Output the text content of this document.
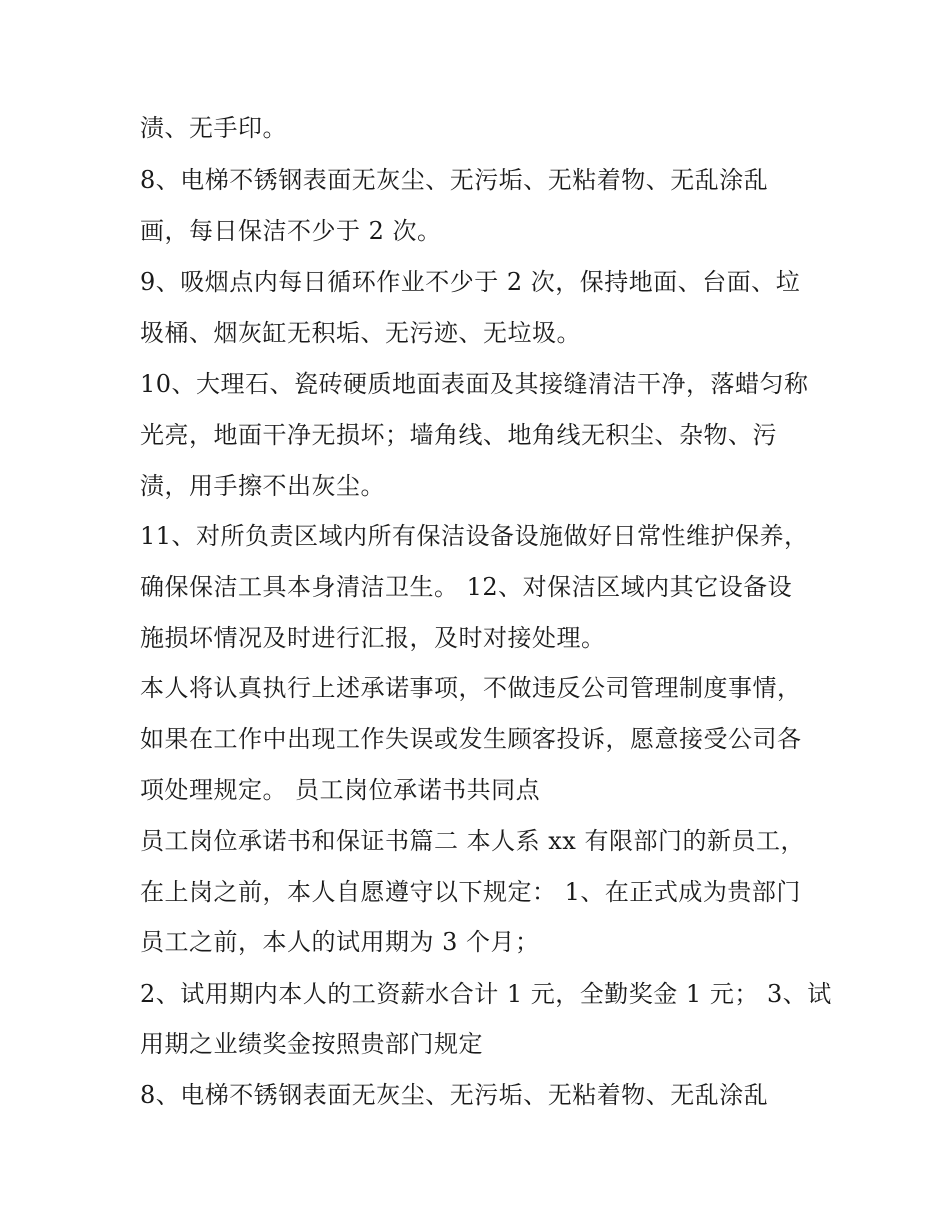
渍、无手印。

8、电梯不锈钢表面无灰尘、无污垢、无粘着物、无乱涂乱

画，每日保洁不少于 2 次。

9、吸烟点内每日循环作业不少于 2 次，保持地面、台面、垃

圾桶、烟灰缸无积垢、无污迹、无垃圾。

10、大理石、瓷砖硬质地面表面及其接缝清洁干净，落蜡匀称

光亮，地面干净无损坏；墙角线、地角线无积尘、杂物、污

渍，用手擦不出灰尘。

11、对所负责区域内所有保洁设备设施做好日常性维护保养，

确保保洁工具本身清洁卫生。 12、对保洁区域内其它设备设

施损坏情况及时进行汇报，及时对接处理。

本人将认真执行上述承诺事项，不做违反公司管理制度事情，

如果在工作中出现工作失误或发生顾客投诉，愿意接受公司各

项处理规定。 员工岗位承诺书共同点

员工岗位承诺书和保证书篇二 本人系 xx 有限部门的新员工，

在上岗之前，本人自愿遵守以下规定： 1、在正式成为贵部门

员工之前，本人的试用期为 3 个月；

2、试用期内本人的工资薪水合计 1 元，全勤奖金 1 元； 3、试

用期之业绩奖金按照贵部门规定

8、电梯不锈钢表面无灰尘、无污垢、无粘着物、无乱涂乱
